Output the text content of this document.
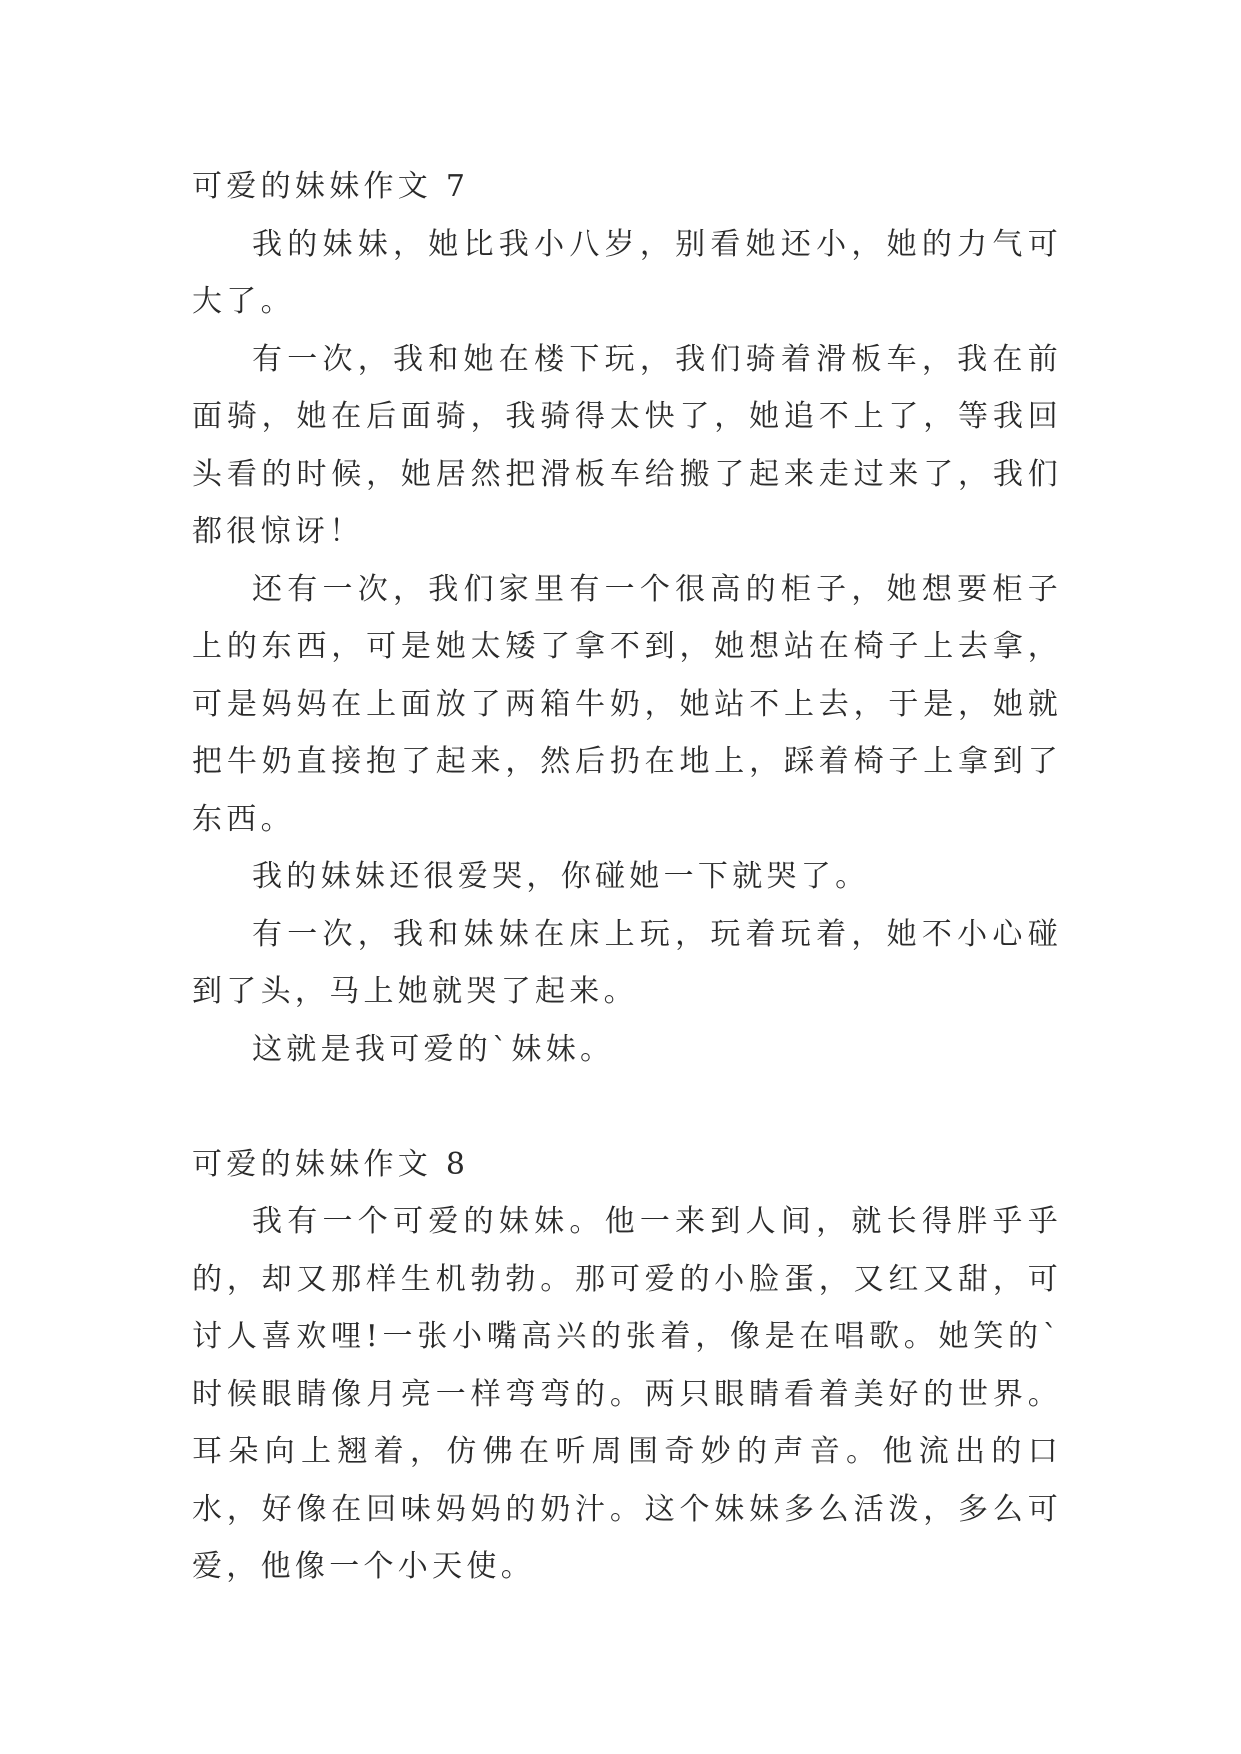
可爱的妹妹作文 7

我的妹妹，她比我小八岁，别看她还小，她的力气可大了。

有一次，我和她在楼下玩，我们骑着滑板车，我在前面骑，她在后面骑，我骑得太快了，她追不上了，等我回头看的时候，她居然把滑板车给搬了起来走过来了，我们都很惊讶！

还有一次，我们家里有一个很高的柜子，她想要柜子上的东西，可是她太矮了拿不到，她想站在椅子上去拿，可是妈妈在上面放了两箱牛奶，她站不上去，于是，她就把牛奶直接抱了起来，然后扔在地上，踩着椅子上拿到了东西。

我的妹妹还很爱哭，你碰她一下就哭了。

有一次，我和妹妹在床上玩，玩着玩着，她不小心碰到了头，马上她就哭了起来。

这就是我可爱的`妹妹。

可爱的妹妹作文 8

我有一个可爱的妹妹。他一来到人间，就长得胖乎乎的，却又那样生机勃勃。那可爱的小脸蛋，又红又甜，可讨人喜欢哩!一张小嘴高兴的张着，像是在唱歌。她笑的`时候眼睛像月亮一样弯弯的。两只眼睛看着美好的世界。耳朵向上翘着，仿佛在听周围奇妙的声音。他流出的口水，好像在回味妈妈的奶汁。这个妹妹多么活泼，多么可爱，他像一个小天使。
